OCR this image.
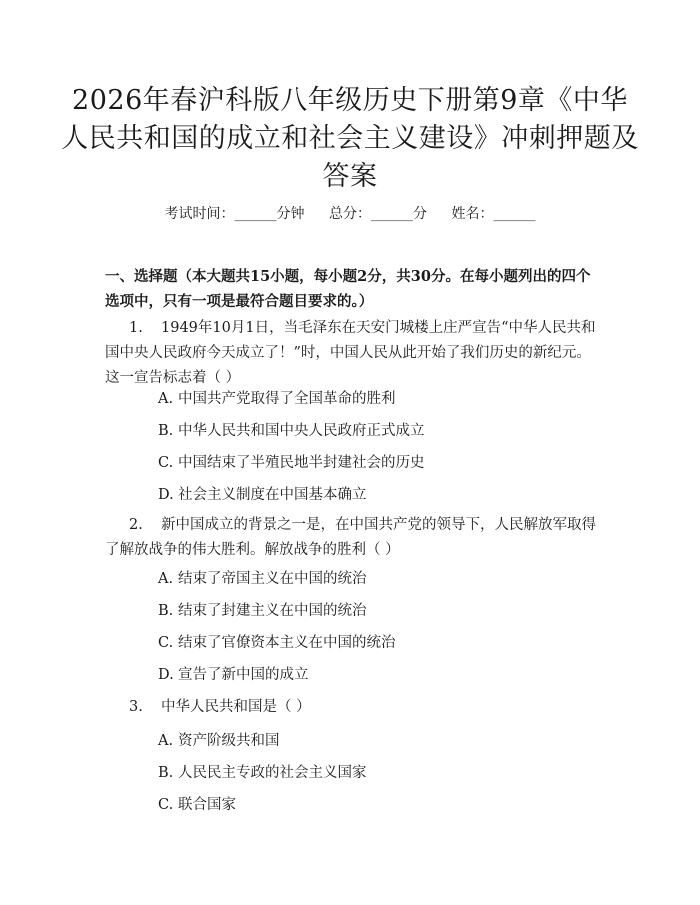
2026年春沪科版八年级历史下册第9章《中华人民共和国的成立和社会主义建设》冲刺押题及答案
考试时间：______分钟 总分：______分 姓名：______

一、选择题（本大题共15小题，每小题2分，共30分。在每小题列出的四个选项中，只有一项是最符合题目要求的。）

1. 1949年10月1日，当毛泽东在天安门城楼上庄严宣告“中华人民共和国中央人民政府今天成立了！”时，中国人民从此开始了我们历史的新纪元。这一宣告标志着（ ）

A. 中国共产党取得了全国革命的胜利
B. 中华人民共和国中央人民政府正式成立
C. 中国结束了半殖民地半封建社会的历史
D. 社会主义制度在中国基本确立

2. 新中国成立的背景之一是，在中国共产党的领导下，人民解放军取得了解放战争的伟大胜利。解放战争的胜利（ ）

A. 结束了帝国主义在中国的统治
B. 结束了封建主义在中国的统治
C. 结束了官僚资本主义在中国的统治
D. 宣告了新中国的成立

3. 中华人民共和国是（ ）

A. 资产阶级共和国
B. 人民民主专政的社会主义国家
C. 联合国家
